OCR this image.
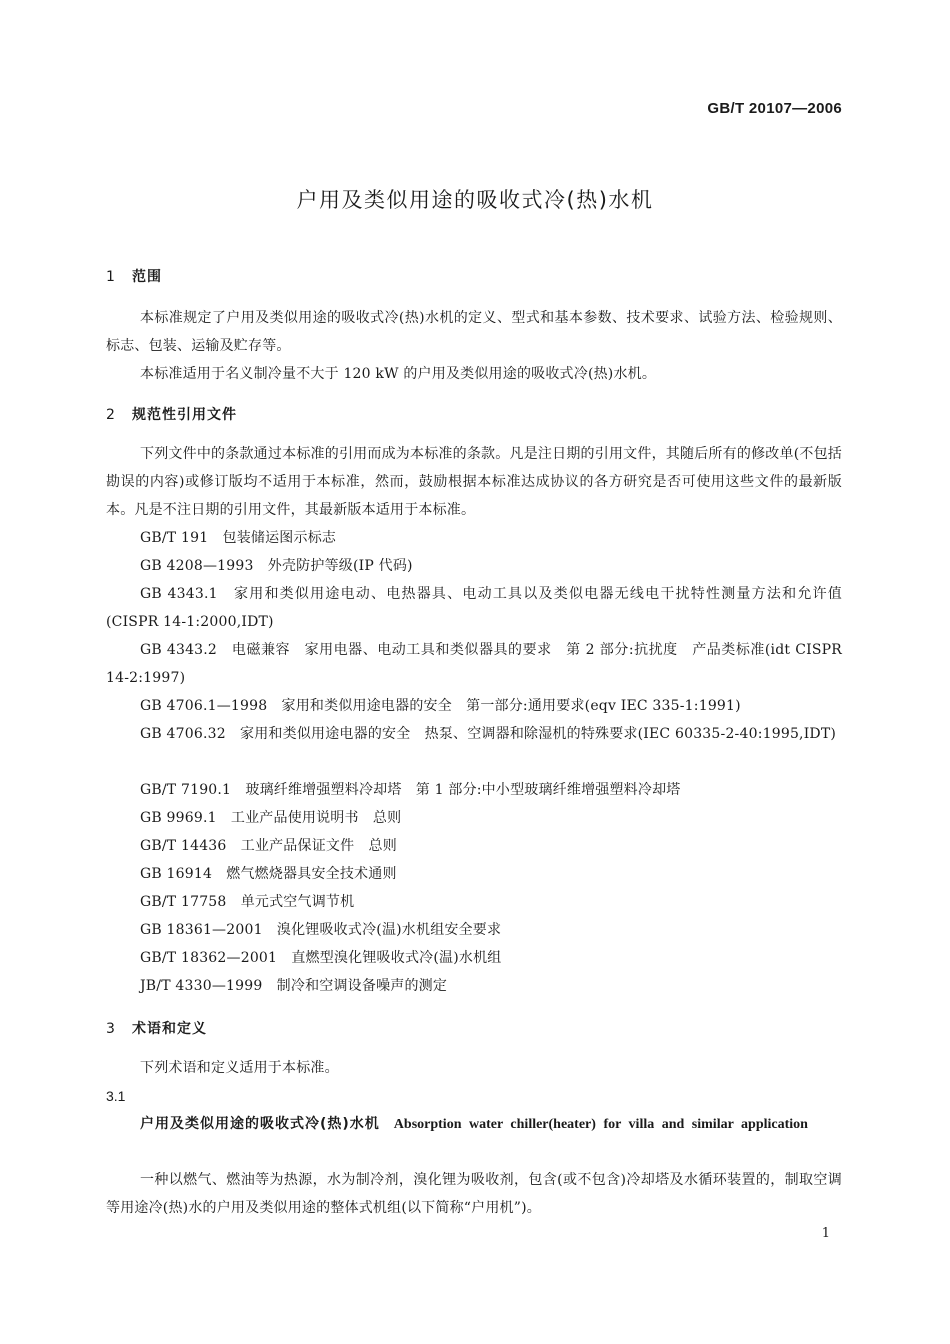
GB/T 20107—2006
户用及类似用途的吸收式冷(热)水机
1 范围
本标准规定了户用及类似用途的吸收式冷(热)水机的定义、型式和基本参数、技术要求、试验方法、检验规则、标志、包装、运输及贮存等。
本标准适用于名义制冷量不大于 120 kW 的户用及类似用途的吸收式冷(热)水机。
2 规范性引用文件
下列文件中的条款通过本标准的引用而成为本标准的条款。凡是注日期的引用文件，其随后所有的修改单(不包括勘误的内容)或修订版均不适用于本标准，然而，鼓励根据本标准达成协议的各方研究是否可使用这些文件的最新版本。凡是不注日期的引用文件，其最新版本适用于本标准。
GB/T 191　包装储运图示标志
GB 4208—1993　外壳防护等级(IP 代码)
GB 4343.1　家用和类似用途电动、电热器具、电动工具以及类似电器无线电干扰特性测量方法和允许值(CISPR 14-1:2000,IDT)
GB 4343.2　电磁兼容　家用电器、电动工具和类似器具的要求　第 2 部分:抗扰度　产品类标准(idt CISPR 14-2:1997)
GB 4706.1—1998　家用和类似用途电器的安全　第一部分:通用要求(eqv IEC 335-1:1991)
GB 4706.32　家用和类似用途电器的安全　热泵、空调器和除湿机的特殊要求(IEC 60335-2-40:1995,IDT)
GB/T 7190.1　玻璃纤维增强塑料冷却塔　第 1 部分:中小型玻璃纤维增强塑料冷却塔
GB 9969.1　工业产品使用说明书　总则
GB/T 14436　工业产品保证文件　总则
GB 16914　燃气燃烧器具安全技术通则
GB/T 17758　单元式空气调节机
GB 18361—2001　溴化锂吸收式冷(温)水机组安全要求
GB/T 18362—2001　直燃型溴化锂吸收式冷(温)水机组
JB/T 4330—1999　制冷和空调设备噪声的测定
3 术语和定义
下列术语和定义适用于本标准。
3.1
户用及类似用途的吸收式冷(热)水机　 Absorption water chiller(heater) for villa and similar application
一种以燃气、燃油等为热源，水为制冷剂，溴化锂为吸收剂，包含(或不包含)冷却塔及水循环装置的，制取空调等用途冷(热)水的户用及类似用途的整体式机组(以下简称“户用机”)。
1
